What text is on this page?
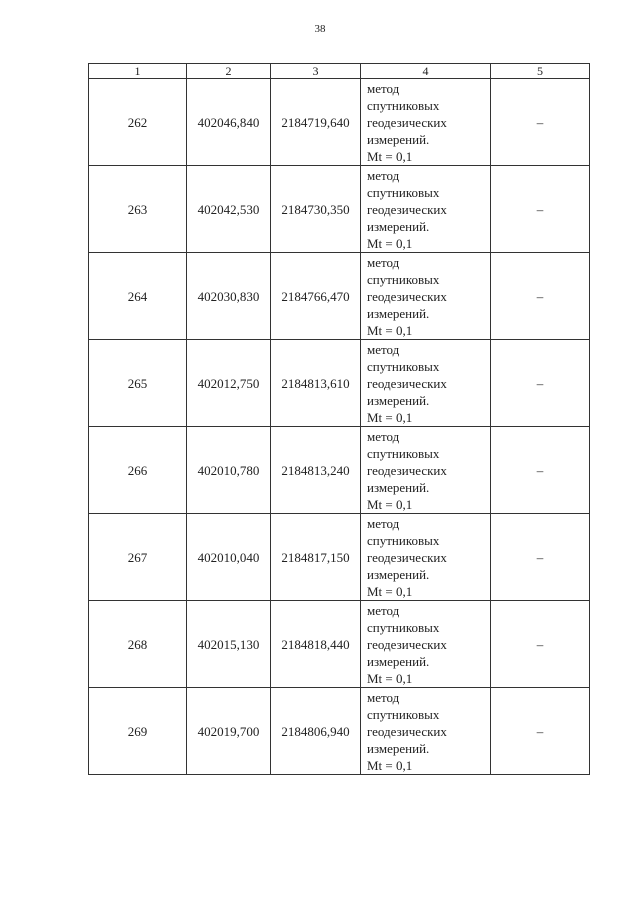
38
1	2	3	4	5
262	402046,840	2184719,640	метод
спутниковых
геодезических
измерений.
Mt = 0,1	–
263	402042,530	2184730,350	метод
спутниковых
геодезических
измерений.
Mt = 0,1	–
264	402030,830	2184766,470	метод
спутниковых
геодезических
измерений.
Mt = 0,1	–
265	402012,750	2184813,610	метод
спутниковых
геодезических
измерений.
Mt = 0,1	–
266	402010,780	2184813,240	метод
спутниковых
геодезических
измерений.
Mt = 0,1	–
267	402010,040	2184817,150	метод
спутниковых
геодезических
измерений.
Mt = 0,1	–
268	402015,130	2184818,440	метод
спутниковых
геодезических
измерений.
Mt = 0,1	–
269	402019,700	2184806,940	метод
спутниковых
геодезических
измерений.
Mt = 0,1	–
